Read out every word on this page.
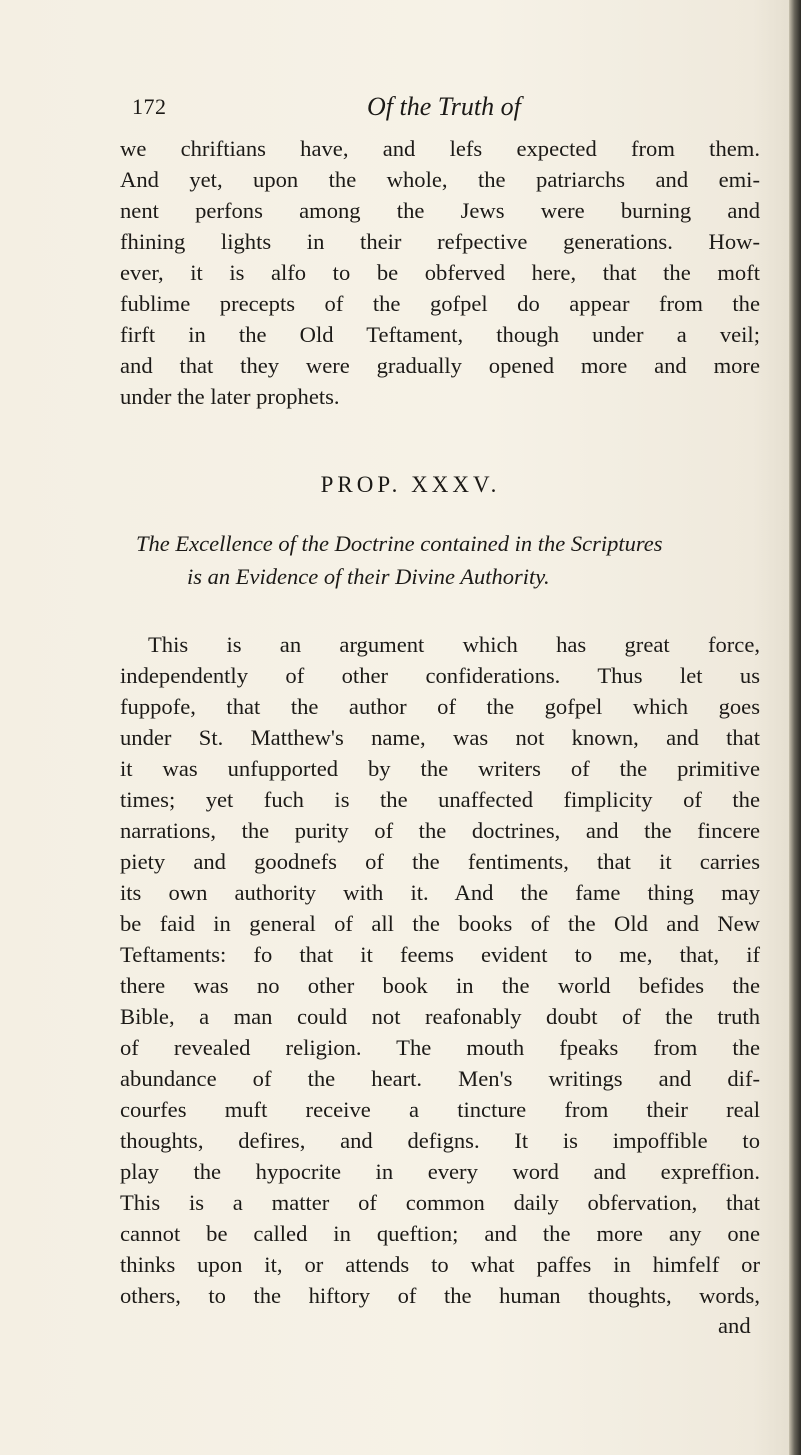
172	Of the Truth of
we chriftians have, and lefs expected from them.
And yet, upon the whole, the patriarchs and emi-
nent perfons among the Jews were burning and
fhining lights in their refpective generations. How-
ever, it is alfo to be obferved here, that the moft
fublime precepts of the gofpel do appear from the
firft in the Old Teftament, though under a veil;
and that they were gradually opened more and more
under the later prophets.
PROP. XXXV.
The Excellence of the Doctrine contained in the Scriptures
is an Evidence of their Divine Authority.
This is an argument which has great force,
independently of other confiderations. Thus let us
fuppofe, that the author of the gofpel which goes
under St. Matthew's name, was not known, and that
it was unfupported by the writers of the primitive
times; yet fuch is the unaffected fimplicity of the
narrations, the purity of the doctrines, and the fincere
piety and goodnefs of the fentiments, that it carries
its own authority with it. And the fame thing may
be faid in general of all the books of the Old and New
Teftaments: fo that it feems evident to me, that, if
there was no other book in the world befides the
Bible, a man could not reafonably doubt of the truth
of revealed religion. The mouth fpeaks from the
abundance of the heart. Men's writings and dif-
courfes muft receive a tincture from their real
thoughts, defires, and defigns. It is impoffible to
play the hypocrite in every word and expreffion.
This is a matter of common daily obfervation, that
cannot be called in queftion; and the more any one
thinks upon it, or attends to what paffes in himfelf or
others, to the hiftory of the human thoughts, words,
and
